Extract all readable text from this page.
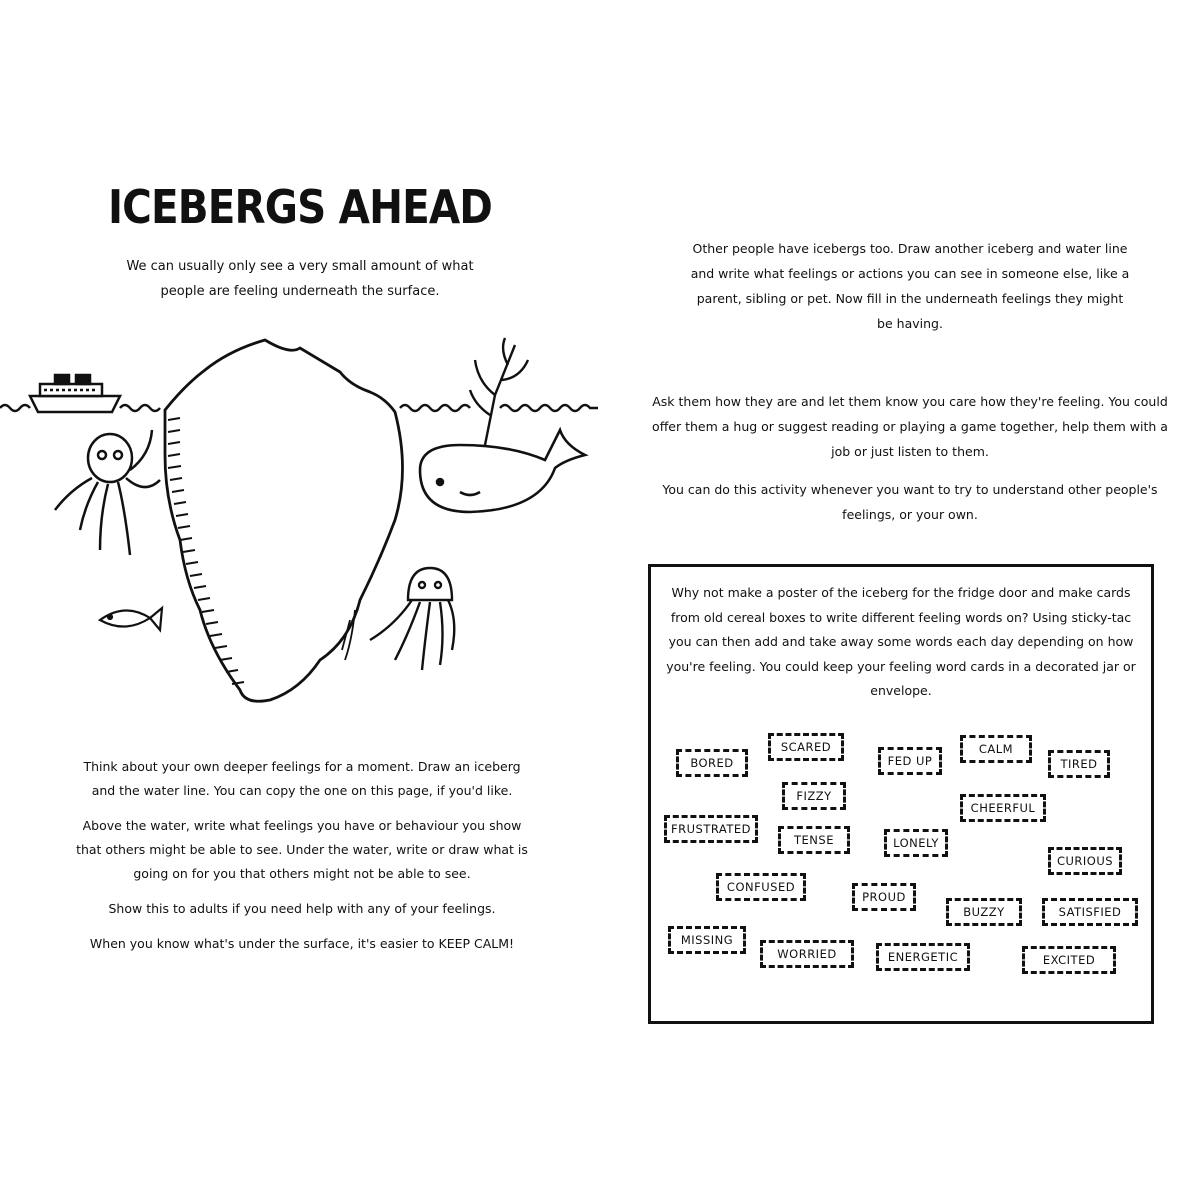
ICEBERGS AHEAD

We can usually only see a very small amount of what people are feeling underneath the surface.

Think about your own deeper feelings for a moment. Draw an iceberg and the water line. You can copy the one on this page, if you'd like.

Above the water, write what feelings you have or behaviour you show that others might be able to see. Under the water, write or draw what is going on for you that others might not be able to see.

Show this to adults if you need help with any of your feelings.

When you know what's under the surface, it's easier to KEEP CALM!

Other people have icebergs too. Draw another iceberg and water line and write what feelings or actions you can see in someone else, like a parent, sibling or pet. Now fill in the underneath feelings they might be having.

Ask them how they are and let them know you care how they're feeling. You could offer them a hug or suggest reading or playing a game together, help them with a job or just listen to them.

You can do this activity whenever you want to try to understand other people's feelings, or your own.

Why not make a poster of the iceberg for the fridge door and make cards from old cereal boxes to write different feeling words on? Using sticky-tac you can then add and take away some words each day depending on how you're feeling. You could keep your feeling word cards in a decorated jar or envelope.

BORED
SCARED
FED UP
CALM
TIRED
FIZZY
CHEERFUL
FRUSTRATED
TENSE	LONELY
CURIOUS
CONFUSED
PROUD
BUZZY	SATISFIED
MISSING
WORRIED	ENERGETIC	EXCITED
